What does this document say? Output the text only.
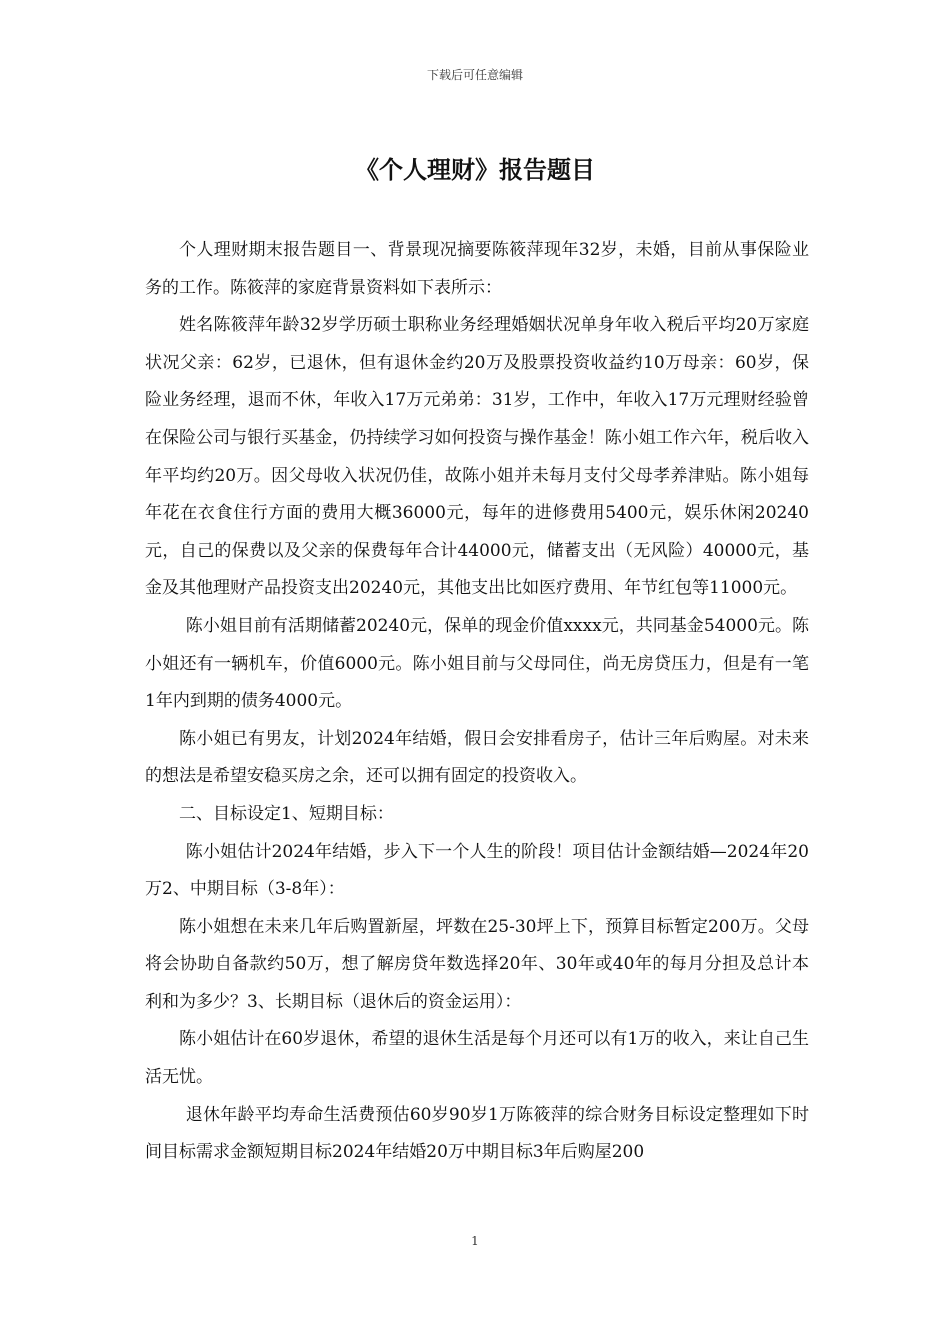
下载后可任意编辑
《个人理财》报告题目

个人理财期末报告题目一、背景现况摘要陈筱萍现年32岁，未婚，目前从事保险业务的工作。陈筱萍的家庭背景资料如下表所示：

姓名陈筱萍年龄32岁学历硕士职称业务经理婚姻状况单身年收入税后平均20万家庭状况父亲：62岁，已退休，但有退休金约20万及股票投资收益约10万母亲：60岁，保险业务经理，退而不休，年收入17万元弟弟：31岁，工作中，年收入17万元理财经验曾在保险公司与银行买基金，仍持续学习如何投资与操作基金！陈小姐工作六年，税后收入年平均约20万。因父母收入状况仍佳，故陈小姐并未每月支付父母孝养津贴。陈小姐每年花在衣食住行方面的费用大概36000元，每年的进修费用5400元，娱乐休闲20240元，自己的保费以及父亲的保费每年合计44000元，储蓄支出（无风险）40000元，基金及其他理财产品投资支出20240元，其他支出比如医疗费用、年节红包等11000元。

陈小姐目前有活期储蓄20240元，保单的现金价值xxxx元，共同基金54000元。陈小姐还有一辆机车，价值6000元。陈小姐目前与父母同住，尚无房贷压力，但是有一笔1年内到期的债务4000元。

陈小姐已有男友，计划2024年结婚，假日会安排看房子，估计三年后购屋。对未来的想法是希望安稳买房之余，还可以拥有固定的投资收入。

二、目标设定1、短期目标：

陈小姐估计2024年结婚，步入下一个人生的阶段！项目估计金额结婚—2024年20万2、中期目标（3-8年）：

陈小姐想在未来几年后购置新屋，坪数在25-30坪上下，预算目标暂定200万。父母将会协助自备款约50万，想了解房贷年数选择20年、30年或40年的每月分担及总计本利和为多少？3、长期目标（退休后的资金运用）：

陈小姐估计在60岁退休，希望的退休生活是每个月还可以有1万的收入，来让自己生活无忧。

退休年龄平均寿命生活费预估60岁90岁1万陈筱萍的综合财务目标设定整理如下时间目标需求金额短期目标2024年结婚20万中期目标3年后购屋200

1
